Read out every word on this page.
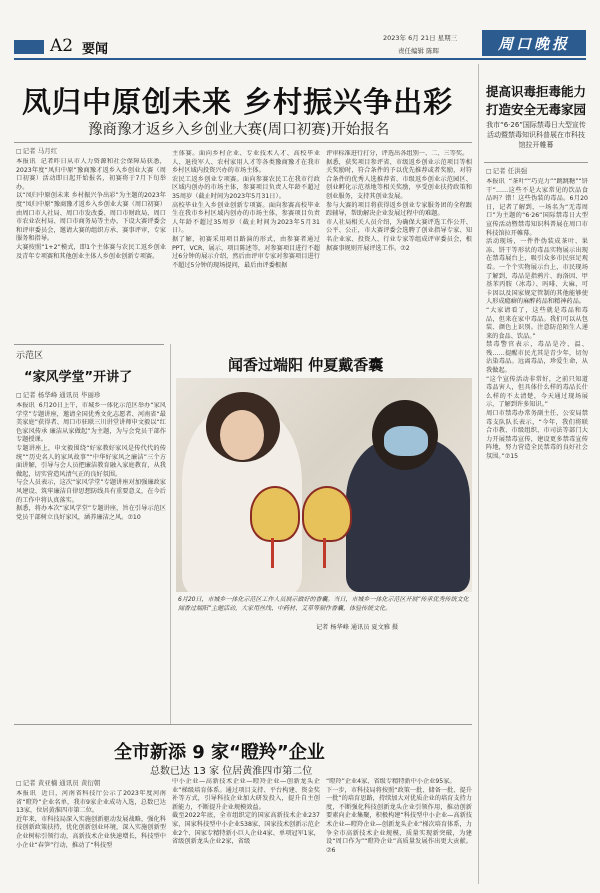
A2 要闻
2023年 6月 21日 星期三
责任编辑 陈晖	周口晚报
凤归中原创未来 乡村振兴争出彩
豫商豫才返乡入乡创业大赛(周口初赛)开始报名
□ 记者 马月红
本报讯  记者昨日从市人力资源和社会保障局获悉，2023年度“凤归中原”豫商豫才返乡入乡创业大赛（周口初赛）活动即日起开始报名，初赛将于7月下旬举办。
以“凤归中原创未来 乡村振兴争出彩”为主题的2023年度“凤归中原”豫商豫才返乡入乡创业大赛（周口初赛）由周口市人社局、周口市发改委、周口市财政局、周口市农业农村局、周口市商务局等主办，下设大赛评委会和评审委员会，邀请大赛的组织方承、赛事评审，专家服务和指导。
大赛按照“1+2”模式，即1个主体赛与农民工返乡创业及青年专项赛和其他创业主体人乡创业创新专项赛。
主体赛。面向乡村企业、专业技术人才、高校毕业人、退役军人、农村家用人才等各类豫商豫才在我市乡村区域内投资兴办的市场主体。
农民工返乡创业专项赛。面向参赛农民工在我市行政区域内创办的市场主体，参赛项目负责人年龄不超过35周岁（截止时间为2023年5月31日）。
高校毕业生入乡创业创新专项赛。面向参赛高校毕业生在我市乡村区域内创办的市场主体，参赛项目负责人年龄不超过35周岁（截止时间为2023年5月31日）。
据了解，初赛采用项目路演的形式，由参赛者通过PPT、VCR、展示、项目陈述等，对参赛项目进行不超过6分钟的展示介绍，然后由评审专家对参赛项目进行不超过5分钟的现场提问，最后由评委根据
评审标准进行打分，评选出各组别一、二、三等奖。
据悉，获奖项目参评省、市级返乡创业示范项目等相关奖励时，符合条件的予以优先推荐或者奖励，对符合条件的优秀人选推荐省、市级返乡创业示范园区、创业孵化示范基地等相关奖励，享受创业扶持政策和创业服务，支持其创业发展。
参与大赛的项目将获得返乡创业专家服务团的全程跟踪辅导，帮助解决企业发展过程中的难题。
市人社局相关人员介绍，为确保大赛评选工作公开、公平、公正，市大赛评委会选聘了创业指导专家、知名企业家、投资人、行业专家等组成评审委员会，根据赛事规则开展评选工作。⑦2
提高识毒拒毒能力
打造安全无毒家园
我市“6·26”国际禁毒日大型宣传活动暨禁毒知识科普展在市科技馆拉开帷幕
□ 记者 任洪强
本报讯  “茶叶”“巧克力”“跳跳糖”“饼干”……这些不是大家常见的饮品食品吗？错！这些伪装的毒品。6月20日，记者了解到，一场名为“无毒周口”为主题的“6·26”国际禁毒日大型宣传活动暨禁毒知识科普展在周口市科技馆拉开帷幕。
活动现场，一件件伪装成茶叶、果冻、饼干等形状的毒品实物展示出现在禁毒展台上，吸引众多市民驻足观看。一个个实物展示台上，市民现场了解到，毒品是指鸦片、海洛因、甲基苯丙胺（冰毒）、吗啡、大麻、可卡因以及国家规定管制的其他能够使人形成瘾癖的麻醉药品和精神药品。
“大家请看了，这些就是毒品和毒品，但来在家中毒品。我们可以从包装、颜色上识别。注意防范陌生人递来的食品、饮品。”
禁毒警官表示，毒品是冷、温、残……提醒市民尤其是青少年，切勿沾染毒品。远离毒品，珍爱生命，从我做起。
“这个宣传活动非常好，之前只知道毒品害人，但具体什么样的毒品长什么样的不太清楚，今天通过现场展示，了解到许多知识。”
周口市禁毒办常务副主任、公安局禁毒支队队长表示，“今年，我们将联合市教、市级组织、市司法等部门大力开展禁毒宣传，建设更多禁毒宣传阵地，努力营造全民禁毒的良好社会氛围。”⑦15
示范区
“家风学堂”开讲了
□ 记者 杨华峰 通讯员 毕丽珍
本报讯  6月20日上午，市城乡一体化示范区举办“家风学堂”专题讲座，邀请全国优秀文化志愿者、河南省“最美家庭”获得者、周口市驻联三川讲堂讲师申文毅以“红色家风传承 廉洁从家做起”为主题，为与会党员干部作专题授课。
专题讲座上，申文毅围绕“好家教好家风是传代代的传统”“历史名人的家风故事”“中华好家风之廉洁”三个方面讲解，引导与会人员把廉洁教育融入家庭教育，从我做起，切实营造风清气正的良好氛围。
与会人员表示，这次“家风学堂”专题讲座对加强廉政家风建设、筑牢廉洁自律思想防线具有重要意义，在今后的工作中将认真落实。
据悉，将办本次“家风学堂”专题讲座，旨在引导示范区党员干部树立良好家风，涵养廉洁之风。⑦10
闻香过端阳 仲夏戴香囊
6月20日，市城乡一体化示范区工作人员展示做好的香囊。当日，市城乡一体化示范区开展“传承优秀传统文化 闻香过端阳”主题活动，大家用丝线、中药材、艾草等制作香囊，体验传统文化。
记者 杨华峰 通讯员 夏文雅 摄
全市新添 9 家“瞪羚”企业
总数已达 13 家 位居黄淮四市第二位
□ 记者 黄亚楠 通讯员 黄衍朝
本报讯  近日，河南省科技厅公示了2023年度河南省“瞪羚”企业名单，我市9家企业成功入选，总数已达13家，位居黄淮四市第二位。
近年来，市科技局深入实施创新驱动发展战略，强化科技创新政策扶持，优化创新创业环境，深入实施创新型企业树标引领行动，高新技术企业快速增长，科技型中小企业“春笋”行动，推动了“科技型
中小企业—高新技术企业—瞪羚企业—创新龙头企业”梯级培育体系。通过项目支持、平台构建、资金奖补等方式，引导科技企业加大研发投入，提升自主创新能力，不断提升企业规模效益。
截至2022年底，全市组织定的国家高新技术企业237家，国家科技型中小企业538家，国家技术创新示范企业2个、国家专精特新小巨人企业4家、单项冠军1家，省级创新龙头企业2家，省级
“瞪羚”企业4家、省级专精特新中小企业95家。
下一步，市科技局将按照“政策一批、储备一批、提升一批”的培育思路，持续加大对优质企业的培育支持力度，不断强化科技创新龙头企业引领作用，推动创新要素向企业集聚，积极构建“科技型中小企业—高新技术企业—瞪羚企业—创新龙头企业”梯次培育体系，力争全市高新技术企业规模、质量实现新突破，为建设“周口作为”“瞪羚企业”高质量发展作出更大贡献。⑦6
